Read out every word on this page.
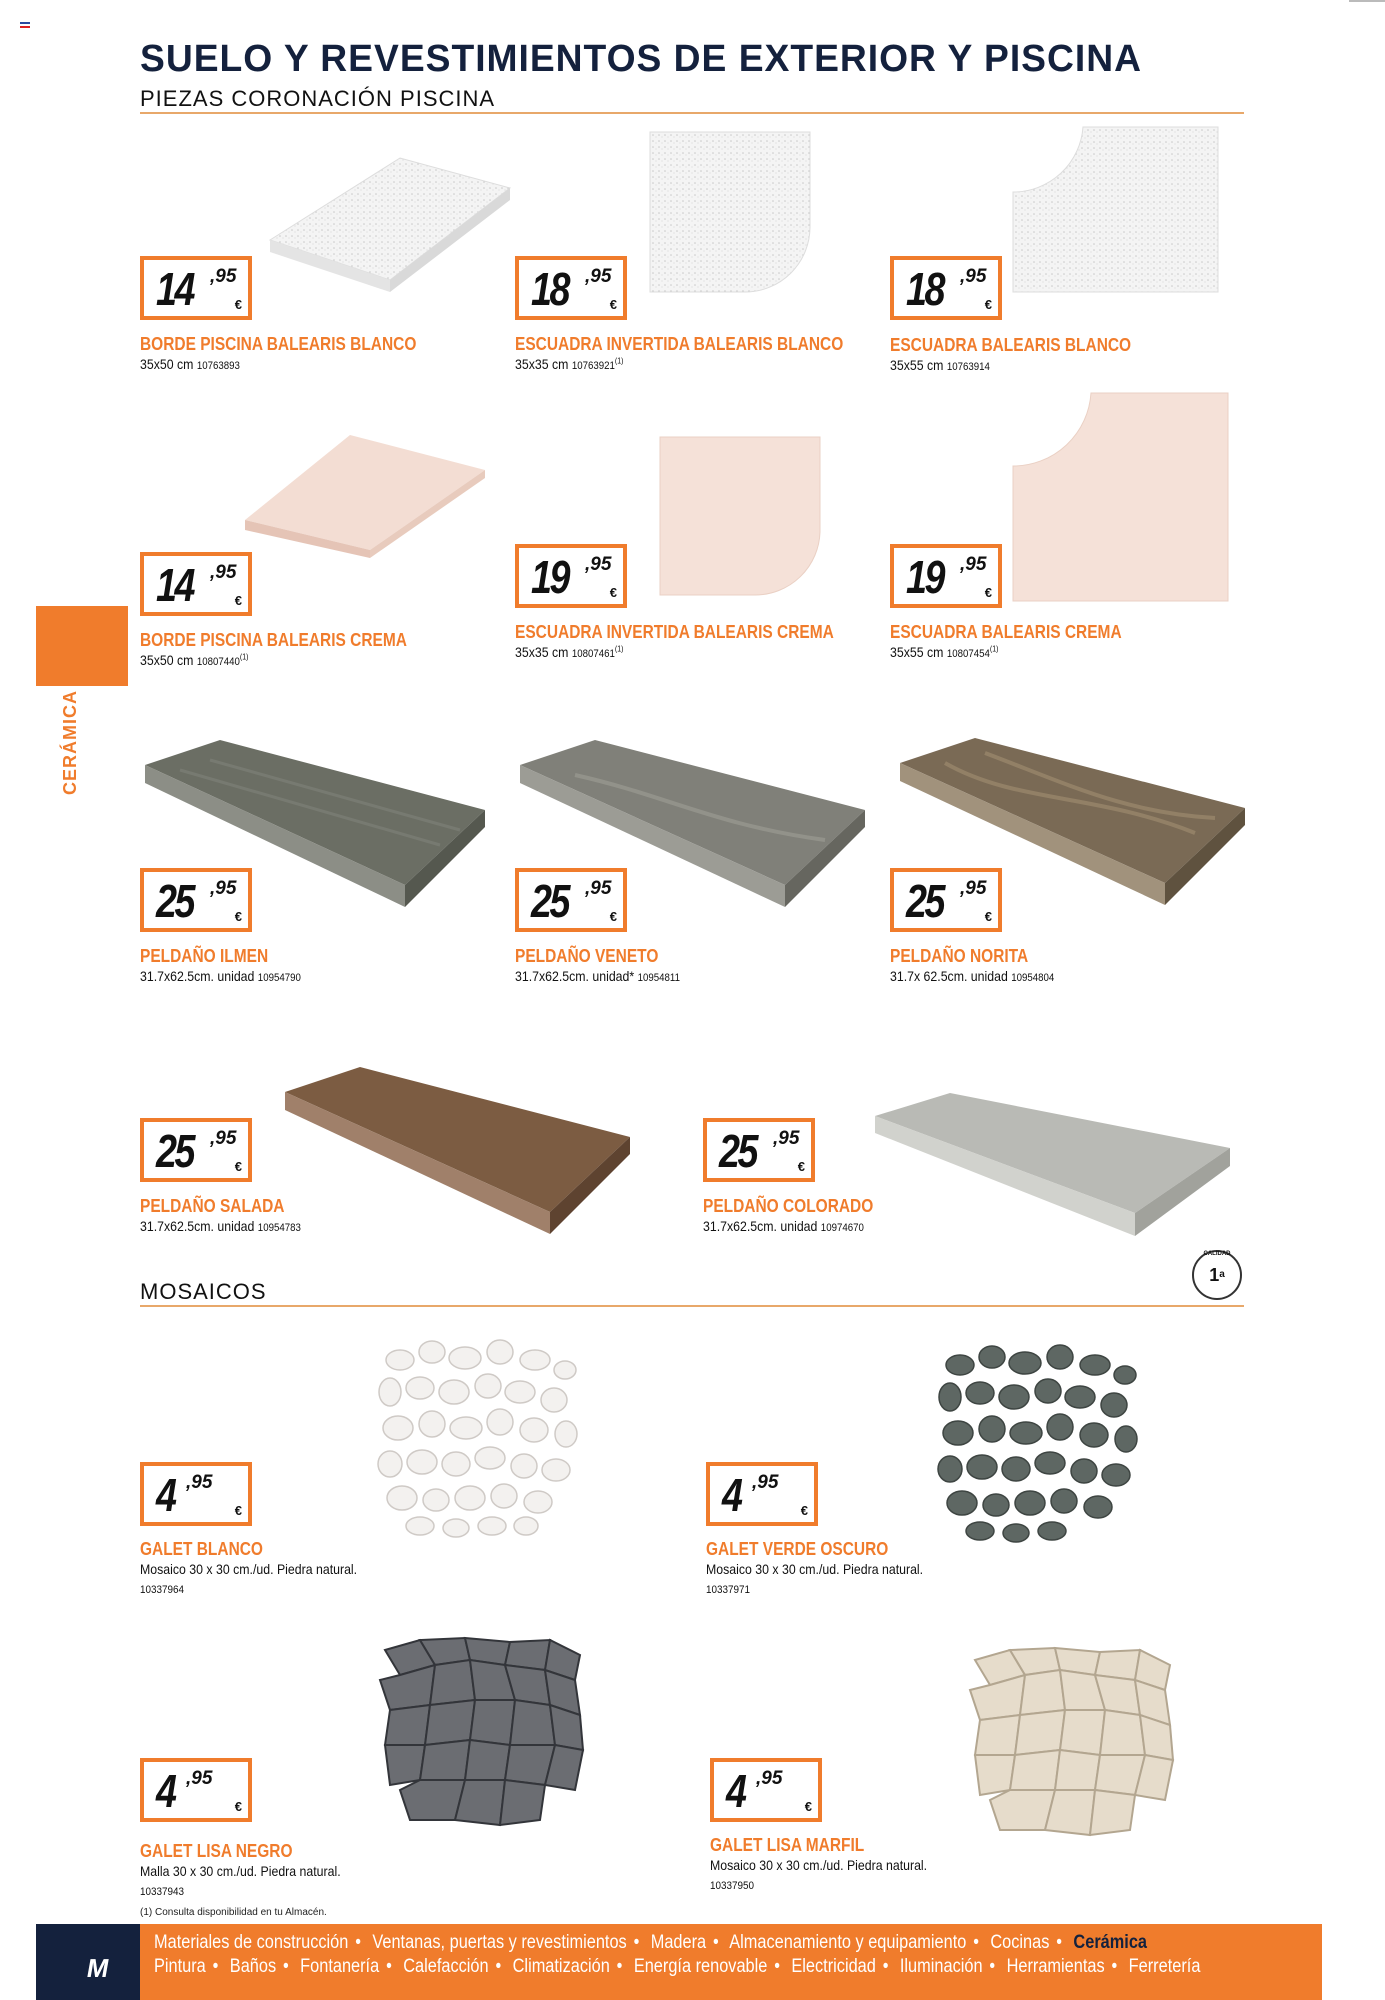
SUELO Y REVESTIMIENTOS DE EXTERIOR Y PISCINA
PIEZAS CORONACIÓN PISCINA
CERÁMICA
14 ,95
€
BORDE PISCINA BALEARIS BLANCO
35x50 cm 10763893
18 ,95
€
ESCUADRA INVERTIDA BALEARIS BLANCO
35x35 cm 10763921$^{(1)}$
18 ,95
€
ESCUADRA BALEARIS BLANCO
35x55 cm 10763914
14 ,95
€
BORDE PISCINA BALEARIS CREMA
35x50 cm 10807440$^{(1)}$
19 ,95
€
ESCUADRA INVERTIDA BALEARIS CREMA
35x35 cm 10807461$^{(1)}$
19 ,95
€
ESCUADRA BALEARIS CREMA
35x55 cm 10807454$^{(1)}$
25 ,95
€
PELDAÑO ILMEN
31.7x62.5cm. unidad 10954790
25 ,95
€
PELDAÑO VENETO
31.7x62.5cm. unidad* 10954811
25 ,95
€
PELDAÑO NORITA
31.7x 62.5cm. unidad 10954804
25 ,95
€
PELDAÑO SALADA
31.7x62.5cm. unidad 10954783
25 ,95
€
PELDAÑO COLORADO
31.7x62.5cm. unidad 10974670
1$^a$
CALIDAD
MOSAICOS
4 ,95
€
GALET BLANCO
Mosaico 30 x 30 cm./ud. Piedra natural.
10337964
4 ,95
€
GALET VERDE OSCURO
Mosaico 30 x 30 cm./ud. Piedra natural.
10337971
4 ,95
€
GALET LISA NEGRO
Malla 30 x 30 cm./ud. Piedra natural.
10337943
4 ,95
€
GALET LISA MARFIL
Mosaico 30 x 30 cm./ud. Piedra natural.
10337950
(1) Consulta disponibilidad en tu Almacén.
Materiales de construcción • Ventanas, puertas y revestimientos • Madera • Almacenamiento y equipamiento • Cocinas • Cerámica
Pintura • Baños • Fontanería • Calefacción • Climatización • Energía renovable • Electricidad • Iluminación • Herramientas • Ferretería
M
